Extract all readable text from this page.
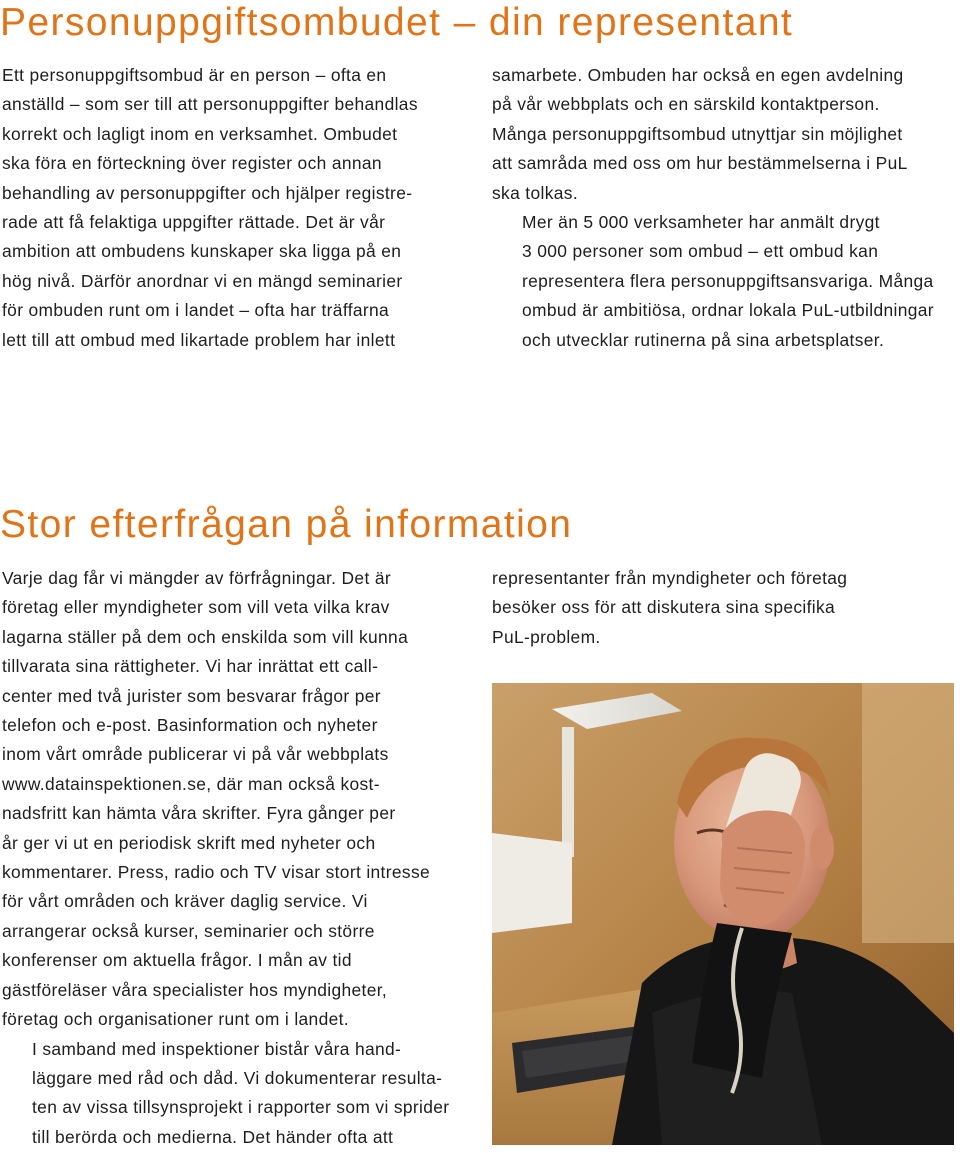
Personuppgiftsombudet – din representant

Ett personuppgiftsombud är en person – ofta en
anställd – som ser till att personuppgifter behandlas
korrekt och lagligt inom en verksamhet. Ombudet
ska föra en förteckning över register och annan
behandling av personuppgifter och hjälper registre-
rade att få felaktiga uppgifter rättade. Det är vår
ambition att ombudens kunskaper ska ligga på en
hög nivå. Därför anordnar vi en mängd seminarier
för ombuden runt om i landet – ofta har träffarna
lett till att ombud med likartade problem har inlett

samarbete. Ombuden har också en egen avdelning
på vår webbplats och en särskild kontaktperson.
Många personuppgiftsombud utnyttjar sin möjlighet
att samråda med oss om hur bestämmelserna i PuL
ska tolkas.

Mer än 5 000 verksamheter har anmält drygt
3 000 personer som ombud – ett ombud kan
representera flera personuppgiftsansvariga. Många
ombud är ambitiösa, ordnar lokala PuL-utbildningar
och utvecklar rutinerna på sina arbetsplatser.

Stor efterfrågan på information

Varje dag får vi mängder av förfrågningar. Det är
företag eller myndigheter som vill veta vilka krav
lagarna ställer på dem och enskilda som vill kunna
tillvarata sina rättigheter. Vi har inrättat ett call-
center med två jurister som besvarar frågor per
telefon och e-post. Basinformation och nyheter
inom vårt område publicerar vi på vår webbplats
www.datainspektionen.se, där man också kost-
nadsfritt kan hämta våra skrifter. Fyra gånger per
år ger vi ut en periodisk skrift med nyheter och
kommentarer. Press, radio och TV visar stort intresse
för vårt områden och kräver daglig service. Vi
arrangerar också kurser, seminarier och större
konferenser om aktuella frågor. I mån av tid
gästföreläser våra specialister hos myndigheter,
företag och organisationer runt om i landet.

I samband med inspektioner bistår våra hand-
läggare med råd och dåd. Vi dokumenterar resulta-
ten av vissa tillsynsprojekt i rapporter som vi sprider
till berörda och medierna. Det händer ofta att

representanter från myndigheter och företag
besöker oss för att diskutera sina specifika
PuL-problem.
